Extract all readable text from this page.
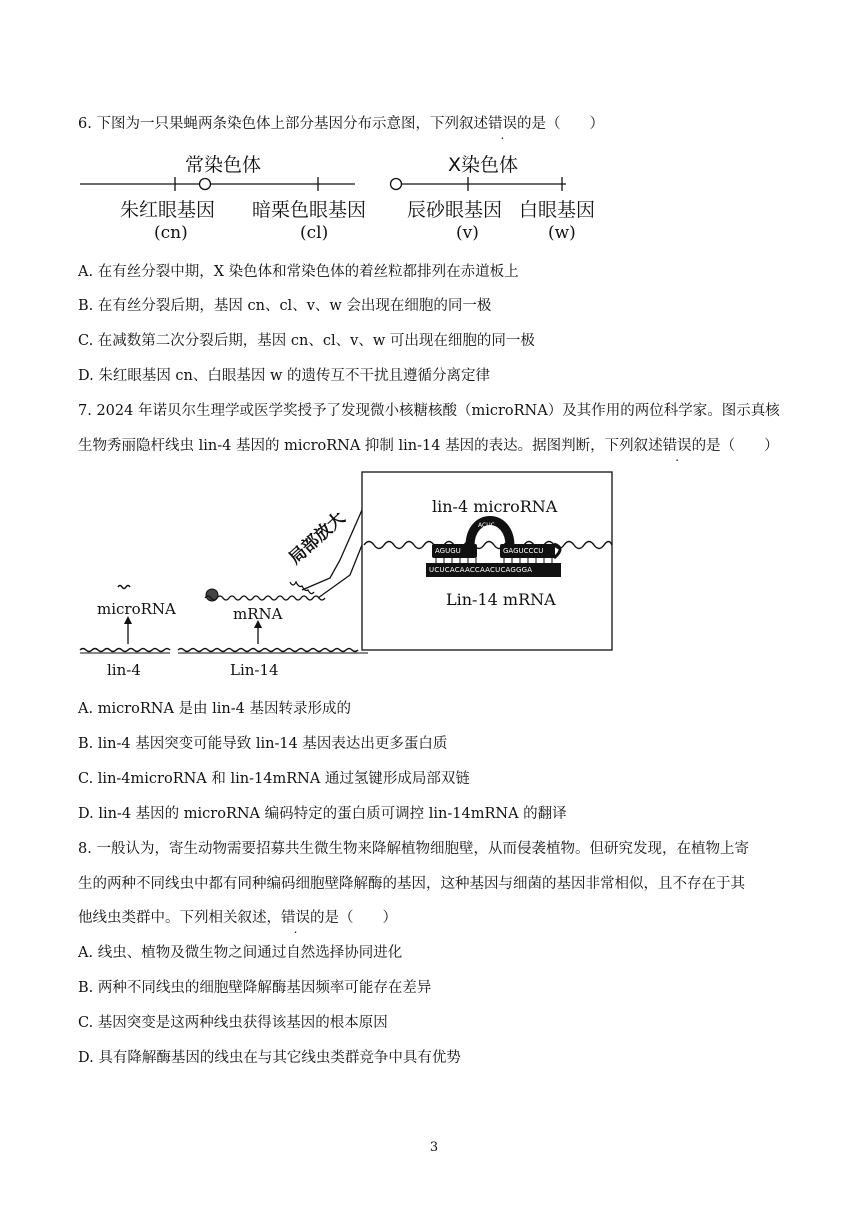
6. 下图为一只果蝇两条染色体上部分基因分布示意图，下列叙述错误的是（　　）
常染色体	X染色体
朱红眼基因 暗栗色眼基因 辰砂眼基因 白眼基因
(cn)	(cl)	(v)	(w)
A. 在有丝分裂中期，X 染色体和常染色体的着丝粒都排列在赤道板上
B. 在有丝分裂后期，基因 cn、cl、v、w 会出现在细胞的同一极
C. 在减数第二次分裂后期，基因 cn、cl、v、w 可出现在细胞的同一极
D. 朱红眼基因 cn、白眼基因 w 的遗传互不干扰且遵循分离定律
7. 2024 年诺贝尔生理学或医学奖授予了发现微小核糖核酸（microRNA）及其作用的两位科学家。图示真核
生物秀丽隐杆线虫 lin-4 基因的 microRNA 抑制 lin-14 基因的表达。据图判断，下列叙述错误的是（　　）
lin-4 microRNA
ACUC
AGUGU	GAGUCCCU
UCUCACAACCAACUCAGGGA
Lin-14 mRNA
局部放大
microRNA	mRNA
lin-4	Lin-14
A. microRNA 是由 lin-4 基因转录形成的
B. lin-4 基因突变可能导致 lin-14 基因表达出更多蛋白质
C. lin-4microRNA 和 lin-14mRNA 通过氢键形成局部双链
D. lin-4 基因的 microRNA 编码特定的蛋白质可调控 lin-14mRNA 的翻译
8. 一般认为，寄生动物需要招募共生微生物来降解植物细胞壁，从而侵袭植物。但研究发现，在植物上寄
生的两种不同线虫中都有同种编码细胞壁降解酶的基因，这种基因与细菌的基因非常相似，且不存在于其
他线虫类群中。下列相关叙述，错误的是（　　）
A. 线虫、植物及微生物之间通过自然选择协同进化
B. 两种不同线虫的细胞壁降解酶基因频率可能存在差异
C. 基因突变是这两种线虫获得该基因的根本原因
D. 具有降解酶基因的线虫在与其它线虫类群竞争中具有优势
3
